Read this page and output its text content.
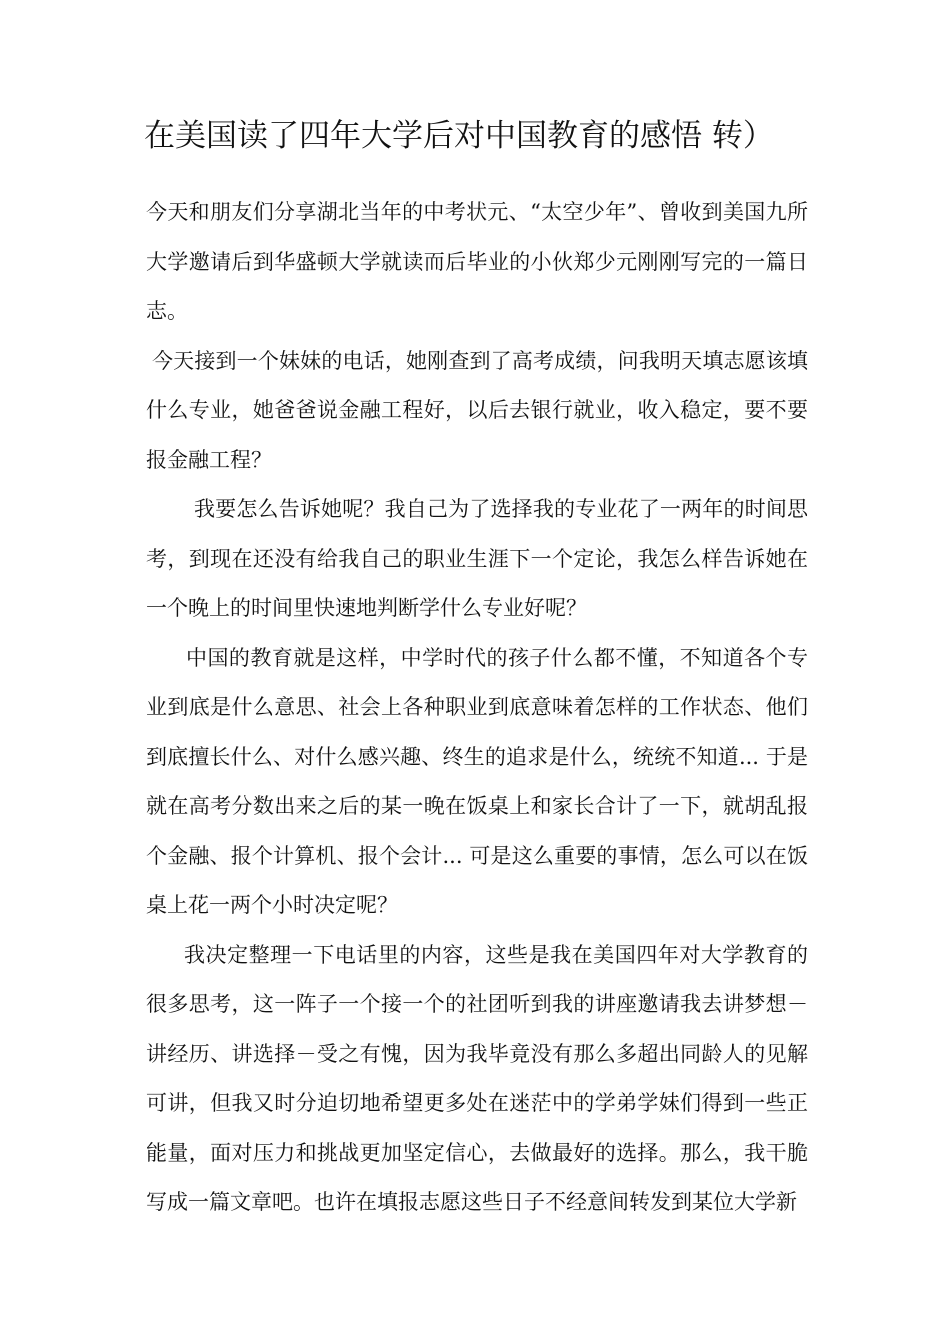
在美国读了四年大学后对中国教育的感悟 转）

今天和朋友们分享湖北当年的中考状元、“太空少年”、曾收到美国九所大学邀请后到华盛顿大学就读而后毕业的小伙郑少元刚刚写完的一篇日志。

今天接到一个妹妹的电话，她刚查到了高考成绩，问我明天填志愿该填什么专业，她爸爸说金融工程好，以后去银行就业，收入稳定，要不要报金融工程？

我要怎么告诉她呢？我自己为了选择我的专业花了一两年的时间思考，到现在还没有给我自己的职业生涯下一个定论，我怎么样告诉她在一个晚上的时间里快速地判断学什么专业好呢？

中国的教育就是这样，中学时代的孩子什么都不懂，不知道各个专业到底是什么意思、社会上各种职业到底意味着怎样的工作状态、他们到底擅长什么、对什么感兴趣、终生的追求是什么，统统不知道... 于是就在高考分数出来之后的某一晚在饭桌上和家长合计了一下，就胡乱报个金融、报个计算机、报个会计... 可是这么重要的事情，怎么可以在饭桌上花一两个小时决定呢？

我决定整理一下电话里的内容，这些是我在美国四年对大学教育的很多思考，这一阵子一个接一个的社团听到我的讲座邀请我去讲梦想－讲经历、讲选择－受之有愧，因为我毕竟没有那么多超出同龄人的见解可讲，但我又时分迫切地希望更多处在迷茫中的学弟学妹们得到一些正能量，面对压力和挑战更加坚定信心，去做最好的选择。那么，我干脆写成一篇文章吧。也许在填报志愿这些日子不经意间转发到某位大学新
